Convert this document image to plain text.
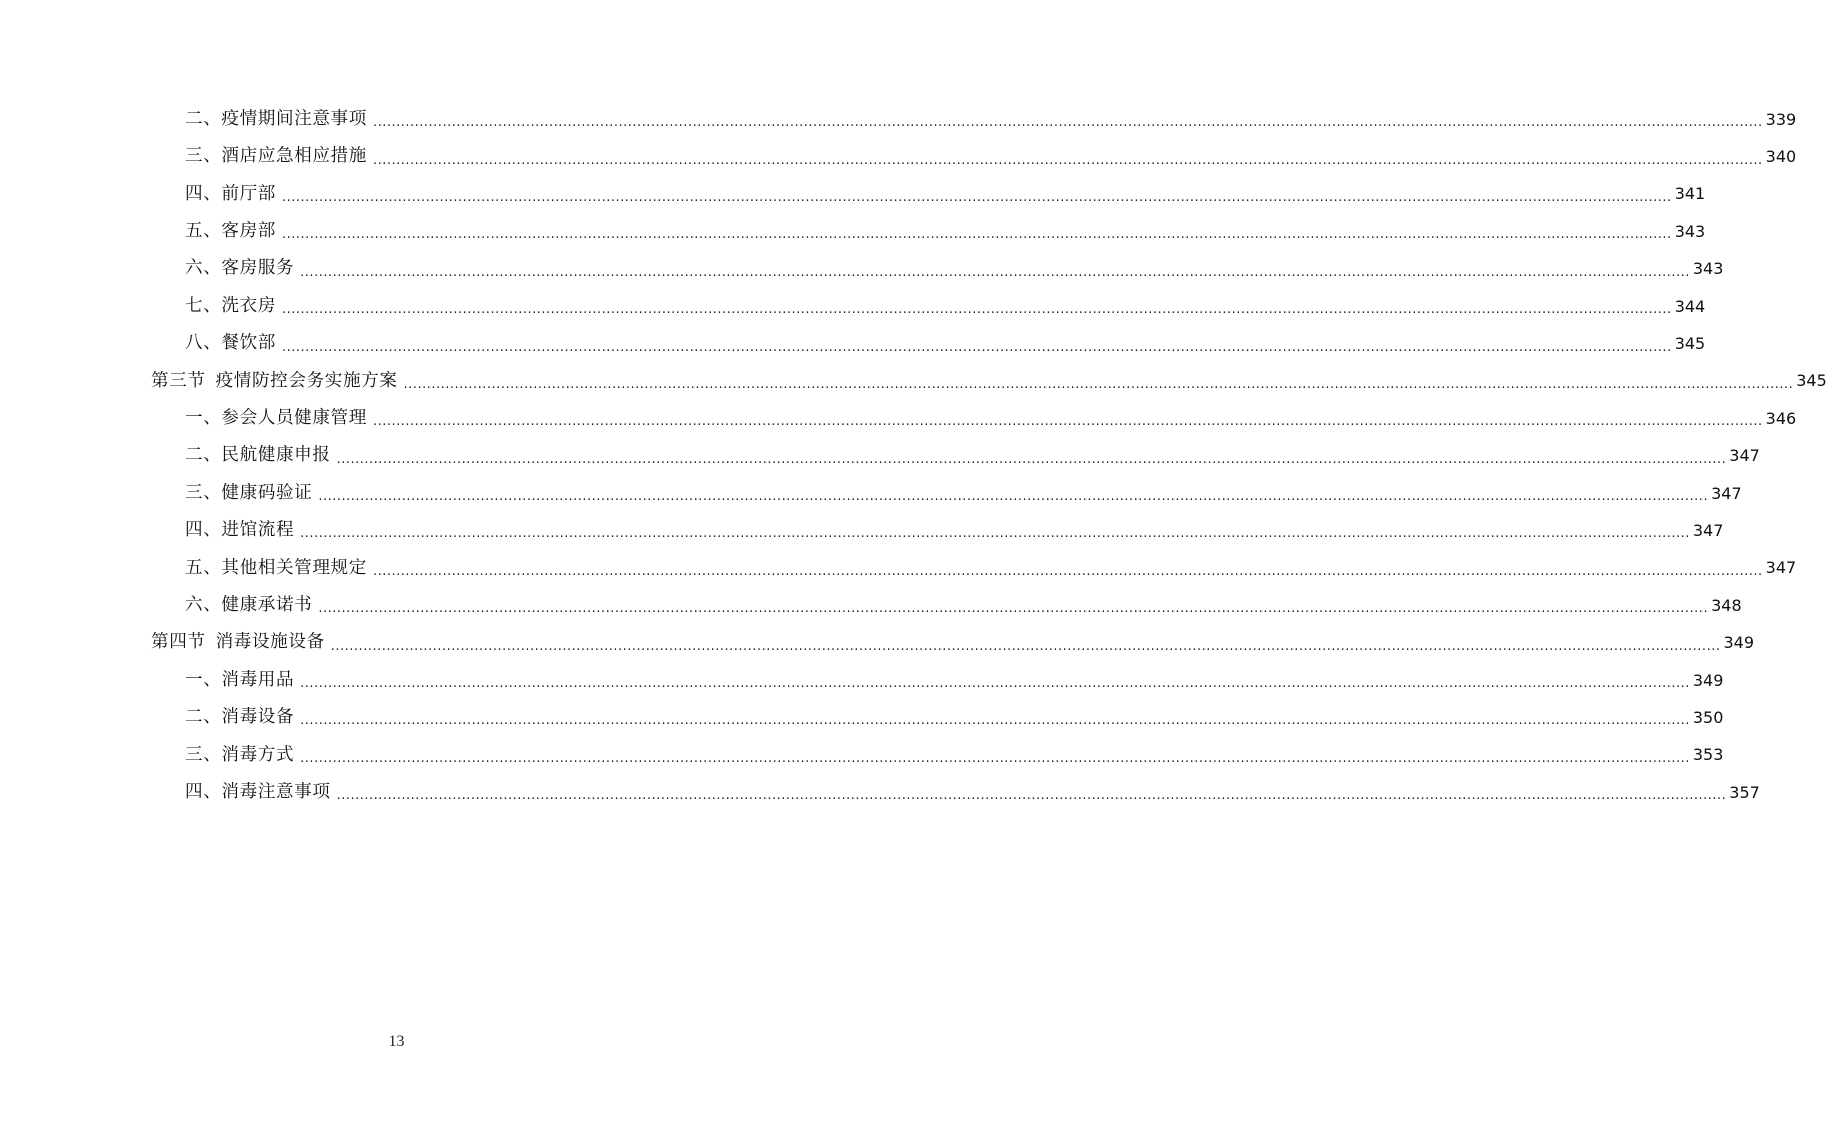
二、疫情期间注意事项 ............................................................................................................................................................................................................................................................................................................ 339
三、酒店应急相应措施 ............................................................................................................................................................................................................................................................................................................ 340
四、前厅部 ............................................................................................................................................................................................................................................................................................................ 341
五、客房部 ............................................................................................................................................................................................................................................................................................................ 343
六、客房服务 ............................................................................................................................................................................................................................................................................................................ 343
七、洗衣房 ............................................................................................................................................................................................................................................................................................................ 344
八、餐饮部 ............................................................................................................................................................................................................................................................................................................ 345
第三节 疫情防控会务实施方案 ............................................................................................................................................................................................................................................................................................................ 345
一、参会人员健康管理 ............................................................................................................................................................................................................................................................................................................ 346
二、民航健康申报 ............................................................................................................................................................................................................................................................................................................ 347
三、健康码验证 ............................................................................................................................................................................................................................................................................................................ 347
四、进馆流程 ............................................................................................................................................................................................................................................................................................................ 347
五、其他相关管理规定 ............................................................................................................................................................................................................................................................................................................ 347
六、健康承诺书 ............................................................................................................................................................................................................................................................................................................ 348
第四节 消毒设施设备 ............................................................................................................................................................................................................................................................................................................ 349
一、消毒用品 ............................................................................................................................................................................................................................................................................................................ 349
二、消毒设备 ............................................................................................................................................................................................................................................................................................................ 350
三、消毒方式 ............................................................................................................................................................................................................................................................................................................ 353
四、消毒注意事项 ............................................................................................................................................................................................................................................................................................................ 357
13
